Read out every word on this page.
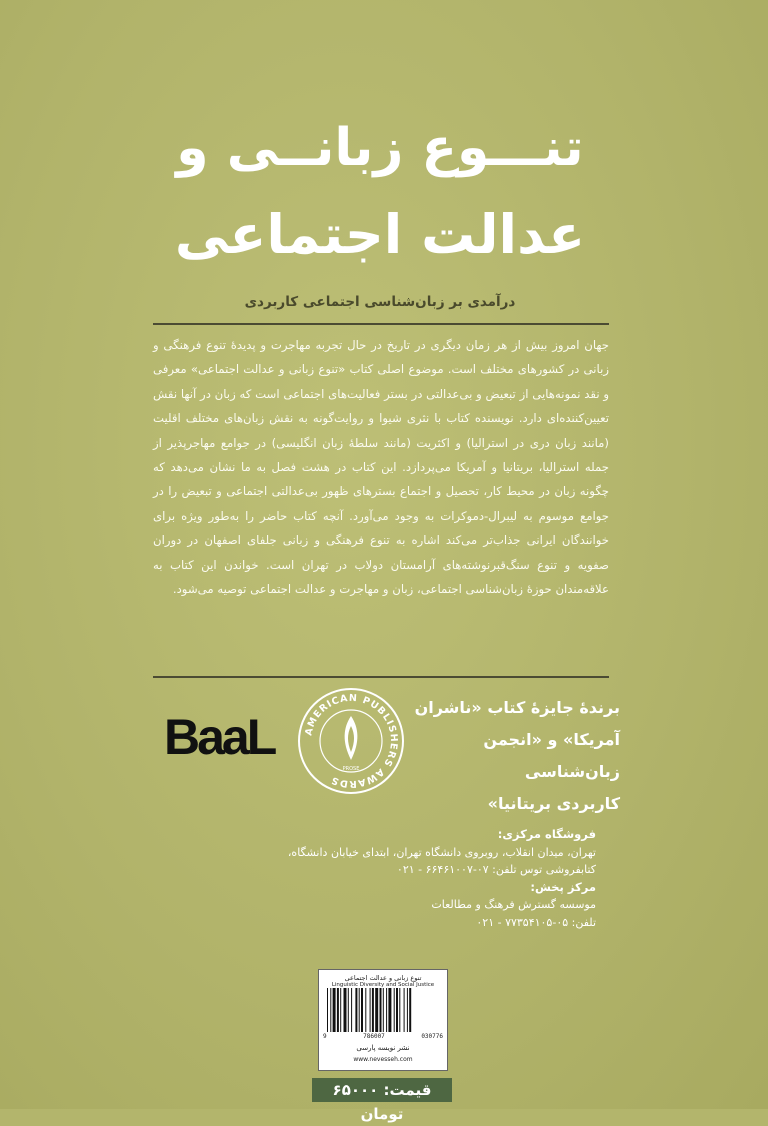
تنـــوع زبانــی و
عدالت اجتماعی
درآمدی بر زبان‌شناسی اجتماعی کاربردی

جهان امروز بیش از هر زمان دیگری در تاریخ در حال تجربه مهاجرت و پدیدهٔ تنوع فرهنگی و زبانی در کشورهای مختلف است. موضوع اصلی کتاب «تنوع زبانی و عدالت اجتماعی» معرفی و نقد نمونه‌هایی از تبعیض و بی‌عدالتی در بستر فعالیت‌های اجتماعی است که زبان در آنها نقش تعیین‌کننده‌ای دارد. نویسنده کتاب با نثری شیوا و روایت‌گونه به نقش زبان‌های مختلف اقلیت (مانند زبان دری در استرالیا) و اکثریت (مانند سلطهٔ زبان انگلیسی) در جوامع مهاجرپذیر از جمله استرالیا، بریتانیا و آمریکا می‌پردازد. این کتاب در هشت فصل به ما نشان می‌دهد که چگونه زبان در محیط کار، تحصیل و اجتماع بسترهای ظهور بی‌عدالتی اجتماعی و تبعیض را در جوامع موسوم به لیبرال-دموکرات به وجود می‌آورد. آنچه کتاب حاضر را به‌طور ویژه برای خوانندگان ایرانی جذاب‌تر می‌کند اشاره به تنوع فرهنگی و زبانی جلفای اصفهان در دوران صفویه و تنوع سنگ‌قبرنوشته‌های آرامستان دولاب در تهران است. خواندن این کتاب به علاقه‌مندان حوزهٔ زبان‌شناسی اجتماعی، زبان و مهاجرت و عدالت اجتماعی توصیه می‌شود.

برندهٔ جایزهٔ کتاب «ناشران

آمریکا» و «انجمن زبان‌شناسی

کاربردی بریتانیا»

AMERICAN PUBLISHERS AWARDS
PROSE
BaaL

فروشگاه مرکزی:

تهران، میدان انقلاب، روبروی دانشگاه تهران، ابتدای خیابان دانشگاه،

کتابفروشی توس تلفن: ۰۷-۶۶۴۶۱۰۰۷ - ۰۲۱

مرکز پخش:

موسسه گسترش فرهنگ و مطالعات

تلفن: ۰۵-۷۷۳۵۴۱۰۵ - ۰۲۱

تنوع زبانی و عدالت اجتماعی
Linguistic Diversity and Social Justice
9	786007	030776
نشر نویسه پارسی
www.nevesseh.com
قیمت: ۶۵۰۰۰ تومان
